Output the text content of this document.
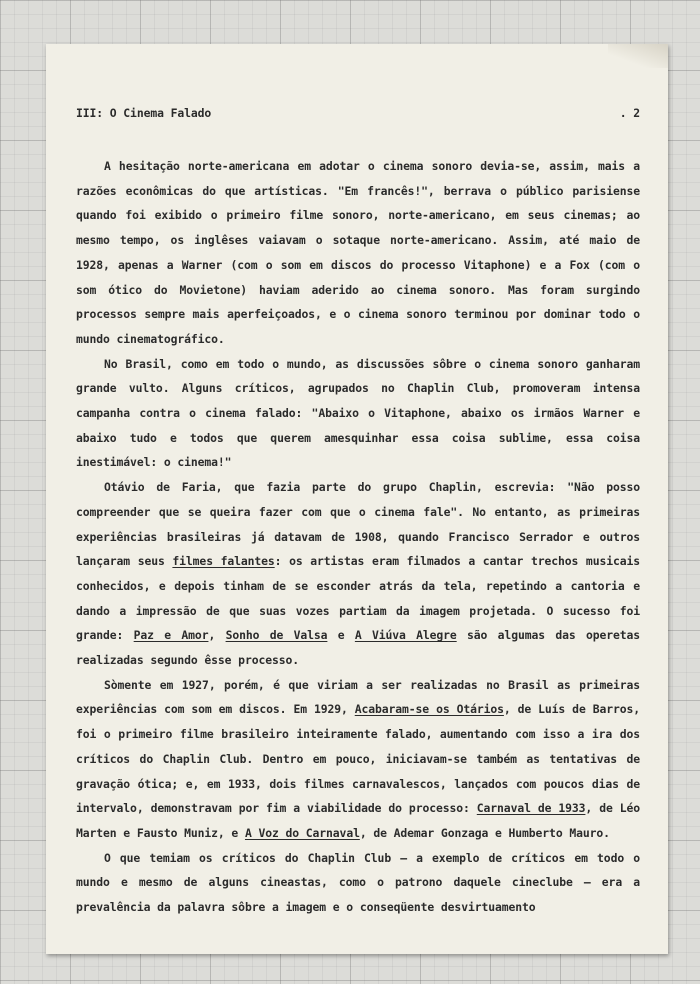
III: O Cinema Falado	. 2

A hesitação norte-americana em adotar o cinema sonoro devia-se, assim, mais a razões econômicas do que artísticas. "Em francês!", berrava o público parisiense quando foi exibido o primeiro filme sonoro, norte-americano, em seus cinemas; ao mesmo tempo, os inglêses vaiavam o sotaque norte-americano. Assim, até maio de 1928, apenas a Warner (com o som em discos do processo Vitaphone) e a Fox (com o som ótico do Movietone) haviam aderido ao cinema sonoro. Mas foram surgindo processos sempre mais aperfeiçoados, e o cinema sonoro terminou por dominar todo o mundo cinematográfico.

No Brasil, como em todo o mundo, as discussões sôbre o cinema sonoro ganharam grande vulto. Alguns críticos, agrupados no Chaplin Club, promoveram intensa campanha contra o cinema falado: "Abaixo o Vitaphone, abaixo os irmãos Warner e abaixo tudo e todos que querem amesquinhar essa coisa sublime, essa coisa inestimável: o cinema!"

Otávio de Faria, que fazia parte do grupo Chaplin, escrevia: "Não posso compreender que se queira fazer com que o cinema fale". No entanto, as primeiras experiências brasileiras já datavam de 1908, quando Francisco Serrador e outros lançaram seus filmes falantes: os artistas eram filmados a cantar trechos musicais conhecidos, e depois tinham de se esconder atrás da tela, repetindo a cantoria e dando a impressão de que suas vozes partiam da imagem projetada. O sucesso foi grande: Paz e Amor, Sonho de Valsa e A Viúva Alegre são algumas das operetas realizadas segundo êsse processo.

Sòmente em 1927, porém, é que viriam a ser realizadas no Brasil as primeiras experiências com som em discos. Em 1929, Acabaram-se os Otários, de Luís de Barros, foi o primeiro filme brasileiro inteiramente falado, aumentando com isso a ira dos críticos do Chaplin Club. Dentro em pouco, iniciavam-se também as tentativas de gravação ótica; e, em 1933, dois filmes carnavalescos, lançados com poucos dias de intervalo, demonstravam por fim a viabilidade do processo: Carnaval de 1933, de Léo Marten e Fausto Muniz, e A Voz do Carnaval, de Ademar Gonzaga e Humberto Mauro.

O que temiam os críticos do Chaplin Club — a exemplo de críticos em todo o mundo e mesmo de alguns cineastas, como o patrono daquele cineclube — era a prevalência da palavra sôbre a imagem e o conseqüente desvirtuamento
